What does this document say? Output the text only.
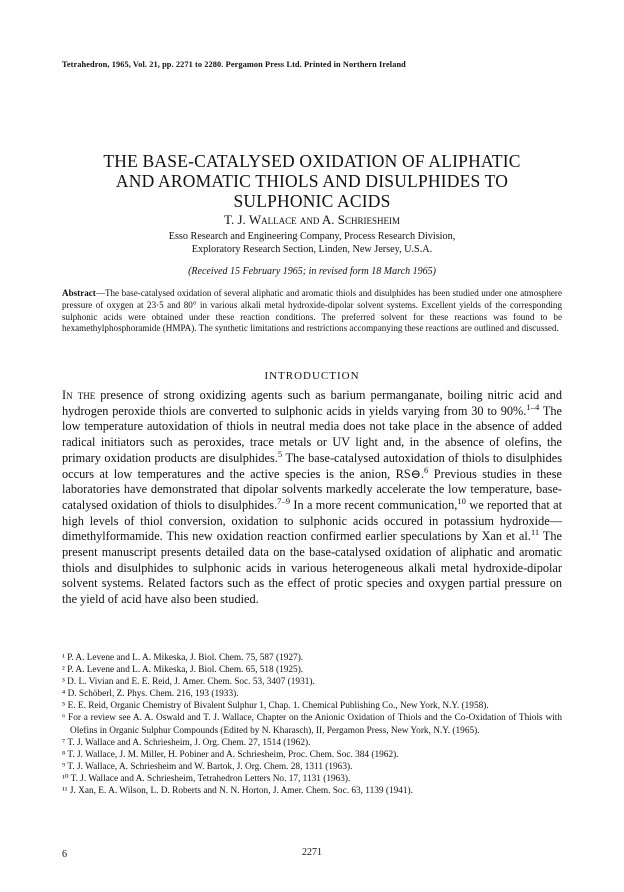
Tetrahedron, 1965, Vol. 21, pp. 2271 to 2280. Pergamon Press Ltd. Printed in Northern Ireland
THE BASE-CATALYSED OXIDATION OF ALIPHATIC
AND AROMATIC THIOLS AND DISULPHIDES TO
SULPHONIC ACIDS
T. J. Wallace and A. Schriesheim
Esso Research and Engineering Company, Process Research Division,
Exploratory Research Section, Linden, New Jersey, U.S.A.
(Received 15 February 1965; in revised form 18 March 1965)
Abstract—The base-catalysed oxidation of several aliphatic and aromatic thiols and disulphides has been studied under one atmosphere pressure of oxygen at 23·5 and 80° in various alkali metal hydroxide-dipolar solvent systems. Excellent yields of the corresponding sulphonic acids were obtained under these reaction conditions. The preferred solvent for these reactions was found to be hexamethylphosphoramide (HMPA). The synthetic limitations and restrictions accompanying these reactions are outlined and discussed.
INTRODUCTION
In the presence of strong oxidizing agents such as barium permanganate, boiling nitric acid and hydrogen peroxide thiols are converted to sulphonic acids in yields varying from 30 to 90%.$^{1-4}$ The low temperature autoxidation of thiols in neutral media does not take place in the absence of added radical initiators such as peroxides, trace metals or UV light and, in the absence of olefins, the primary oxidation products are disulphides.$^5$ The base-catalysed autoxidation of thiols to disulphides occurs at low temperatures and the active species is the anion, RS⊖.$^6$ Previous studies in these laboratories have demonstrated that dipolar solvents markedly accelerate the low temperature, base-catalysed oxidation of thiols to disulphides.$^{7-9}$ In a more recent communication,$^{10}$ we reported that at high levels of thiol conversion, oxidation to sulphonic acids occured in potassium hydroxide—dimethylformamide. This new oxidation reaction confirmed earlier speculations by Xan et al.$^{11}$ The present manuscript presents detailed data on the base-catalysed oxidation of aliphatic and aromatic thiols and disulphides to sulphonic acids in various heterogeneous alkali metal hydroxide-dipolar solvent systems. Related factors such as the effect of protic species and oxygen partial pressure on the yield of acid have also been studied.
¹ P. A. Levene and L. A. Mikeska, J. Biol. Chem. 75, 587 (1927).
² P. A. Levene and L. A. Mikeska, J. Biol. Chem. 65, 518 (1925).
³ D. L. Vivian and E. E. Reid, J. Amer. Chem. Soc. 53, 3407 (1931).
⁴ D. Schöberl, Z. Phys. Chem. 216, 193 (1933).
⁵ E. E. Reid, Organic Chemistry of Bivalent Sulphur 1, Chap. 1. Chemical Publishing Co., New York, N.Y. (1958).
⁶ For a review see A. A. Oswald and T. J. Wallace, Chapter on the Anionic Oxidation of Thiols and the Co-Oxidation of Thiols with Olefins in Organic Sulphur Compounds (Edited by N. Kharasch), II, Pergamon Press, New York, N.Y. (1965).
⁷ T. J. Wallace and A. Schriesheim, J. Org. Chem. 27, 1514 (1962).
⁸ T. J. Wallace, J. M. Miller, H. Pobiner and A. Schriesheim, Proc. Chem. Soc. 384 (1962).
⁹ T. J. Wallace, A. Schriesheim and W. Bartok, J. Org. Chem. 28, 1311 (1963).
¹⁰ T. J. Wallace and A. Schriesheim, Tetrahedron Letters No. 17, 1131 (1963).
¹¹ J. Xan, E. A. Wilson, L. D. Roberts and N. N. Horton, J. Amer. Chem. Soc. 63, 1139 (1941).
6	2271
